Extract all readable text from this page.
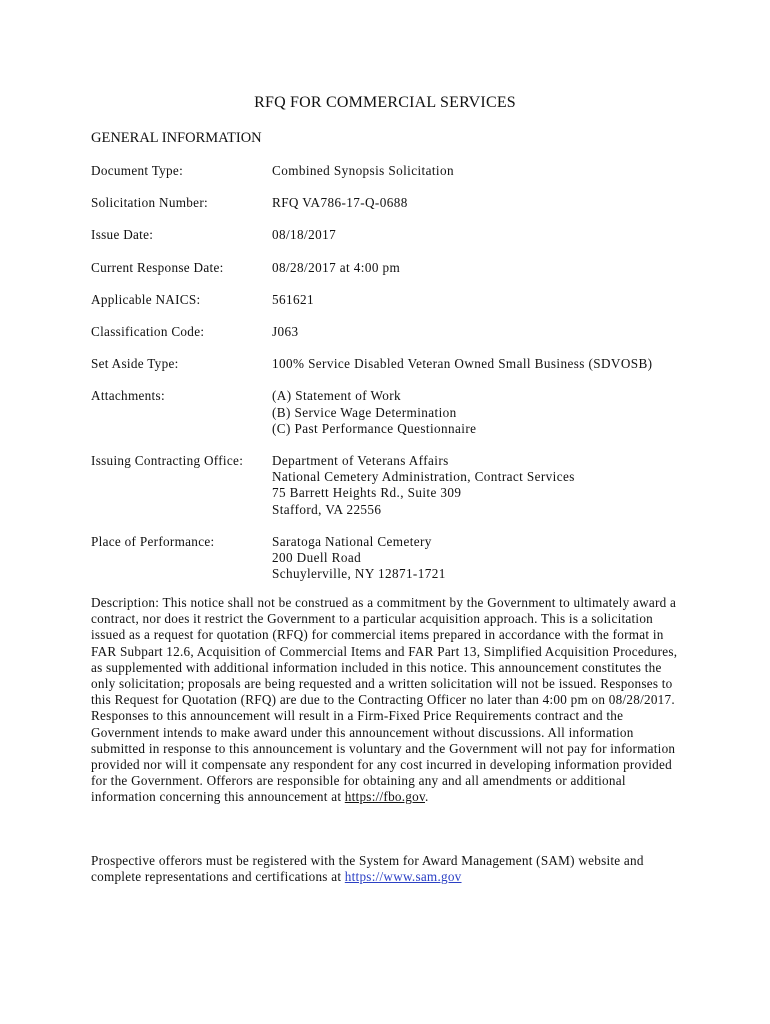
RFQ FOR COMMERCIAL SERVICES
GENERAL INFORMATION
Document Type:	Combined Synopsis Solicitation
Solicitation Number:	RFQ VA786-17-Q-0688
Issue Date:	08/18/2017
Current Response Date:	08/28/2017 at 4:00 pm
Applicable NAICS:	561621
Classification Code:	J063
Set Aside Type:	100% Service Disabled Veteran Owned Small Business (SDVOSB)
Attachments:	(A) Statement of Work
(B) Service Wage Determination
(C) Past Performance Questionnaire
Issuing Contracting Office:	Department of Veterans Affairs
National Cemetery Administration, Contract Services
75 Barrett Heights Rd., Suite 309
Stafford, VA 22556
Place of Performance:	Saratoga National Cemetery
200 Duell Road
Schuylerville, NY 12871-1721

Description: This notice shall not be construed as a commitment by the Government to ultimately award a contract, nor does it restrict the Government to a particular acquisition approach. This is a solicitation issued as a request for quotation (RFQ) for commercial items prepared in accordance with the format in FAR Subpart 12.6, Acquisition of Commercial Items and FAR Part 13, Simplified Acquisition Procedures, as supplemented with additional information included in this notice. This announcement constitutes the only solicitation; proposals are being requested and a written solicitation will not be issued. Responses to this Request for Quotation (RFQ) are due to the Contracting Officer no later than 4:00 pm on 08/28/2017. Responses to this announcement will result in a Firm-Fixed Price Requirements contract and the Government intends to make award under this announcement without discussions. All information submitted in response to this announcement is voluntary and the Government will not pay for information provided nor will it compensate any respondent for any cost incurred in developing information provided for the Government. Offerors are responsible for obtaining any and all amendments or additional information concerning this announcement at https://fbo.gov.

Prospective offerors must be registered with the System for Award Management (SAM) website and complete representations and certifications at https://www.sam.gov
